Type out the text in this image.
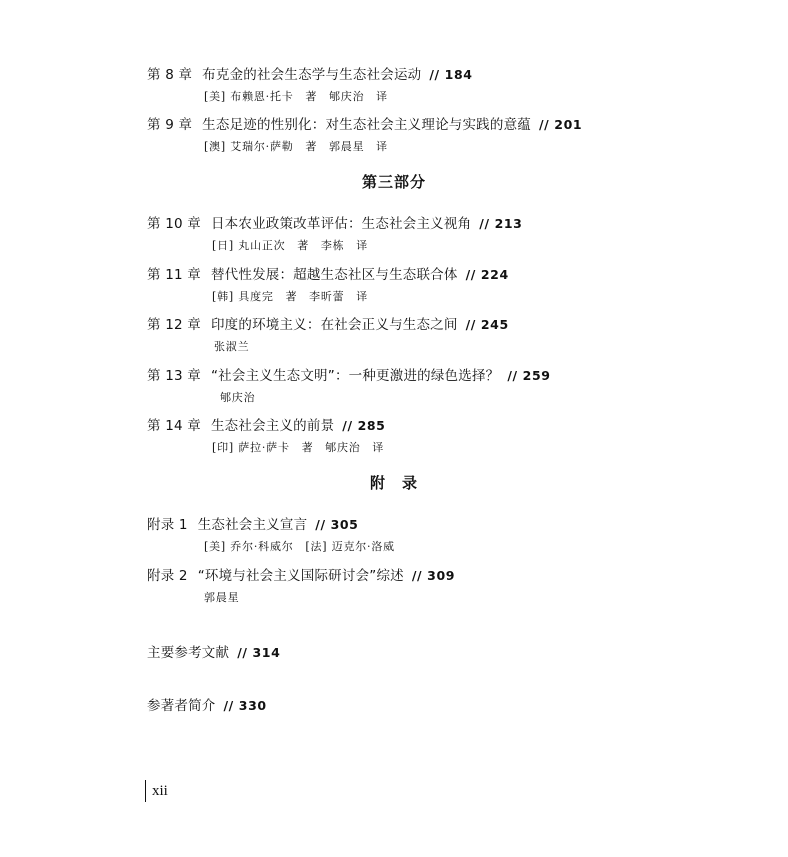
第 8 章 布克金的社会生态学与生态社会运动 // 184
[美] 布赖恩·托卡　著　郇庆治　译
第 9 章 生态足迹的性别化：对生态社会主义理论与实践的意蕴 // 201
[澳] 艾瑞尔·萨勒　著　郭晨星　译
第三部分
第 10 章 日本农业政策改革评估：生态社会主义视角 // 213
[日] 丸山正次　著　李栋　译
第 11 章 替代性发展：超越生态社区与生态联合体 // 224
[韩] 具度完　著　李昕蕾　译
第 12 章 印度的环境主义：在社会正义与生态之间 // 245
张淑兰
第 13 章 “社会主义生态文明”：一种更激进的绿色选择？ // 259
郇庆治
第 14 章 生态社会主义的前景 // 285
[印] 萨拉·萨卡　著　郇庆治　译
附　录
附录 1 生态社会主义宣言 // 305
[美] 乔尔·科威尔　[法] 迈克尔·洛威
附录 2 “环境与社会主义国际研讨会”综述 // 309
郭晨星
主要参考文献 // 314
参著者简介 // 330
xii
